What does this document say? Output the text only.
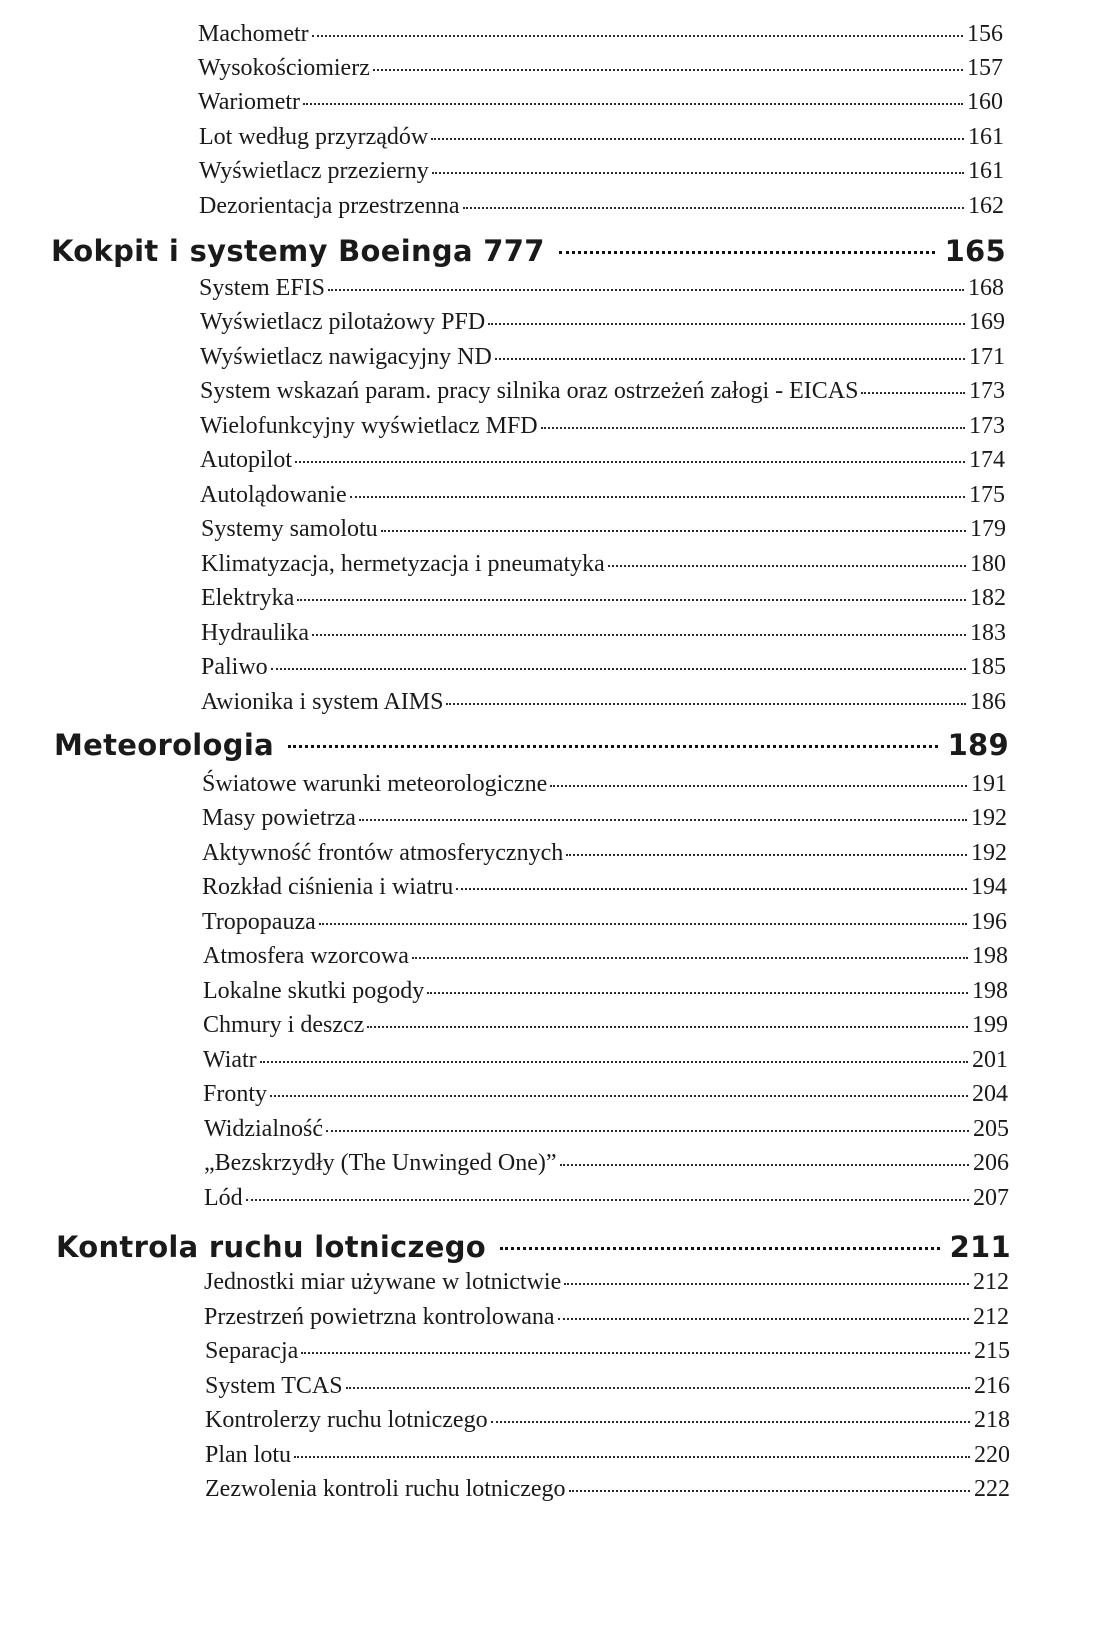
Machometr	156
Wysokościomierz	157
Wariometr	160
Lot według przyrządów	161
Wyświetlacz przezierny	161
Dezorientacja przestrzenna	162
Kokpit i systemy Boeinga 777	165
System EFIS	168
Wyświetlacz pilotażowy PFD	169
Wyświetlacz nawigacyjny ND	171
System wskazań param. pracy silnika oraz ostrzeżeń załogi - EICAS	173
Wielofunkcyjny wyświetlacz MFD	173
Autopilot	174
Autolądowanie	175
Systemy samolotu	179
Klimatyzacja, hermetyzacja i pneumatyka	180
Elektryka	182
Hydraulika	183
Paliwo	185
Awionika i system AIMS	186
Meteorologia	189
Światowe warunki meteorologiczne	191
Masy powietrza	192
Aktywność frontów atmosferycznych	192
Rozkład ciśnienia i wiatru	194
Tropopauza	196
Atmosfera wzorcowa	198
Lokalne skutki pogody	198
Chmury i deszcz	199
Wiatr	201
Fronty	204
Widzialność	205
„Bezskrzydły (The Unwinged One)”	206
Lód	207
Kontrola ruchu lotniczego	211
Jednostki miar używane w lotnictwie	212
Przestrzeń powietrzna kontrolowana	212
Separacja	215
System TCAS	216
Kontrolerzy ruchu lotniczego	218
Plan lotu	220
Zezwolenia kontroli ruchu lotniczego	222
